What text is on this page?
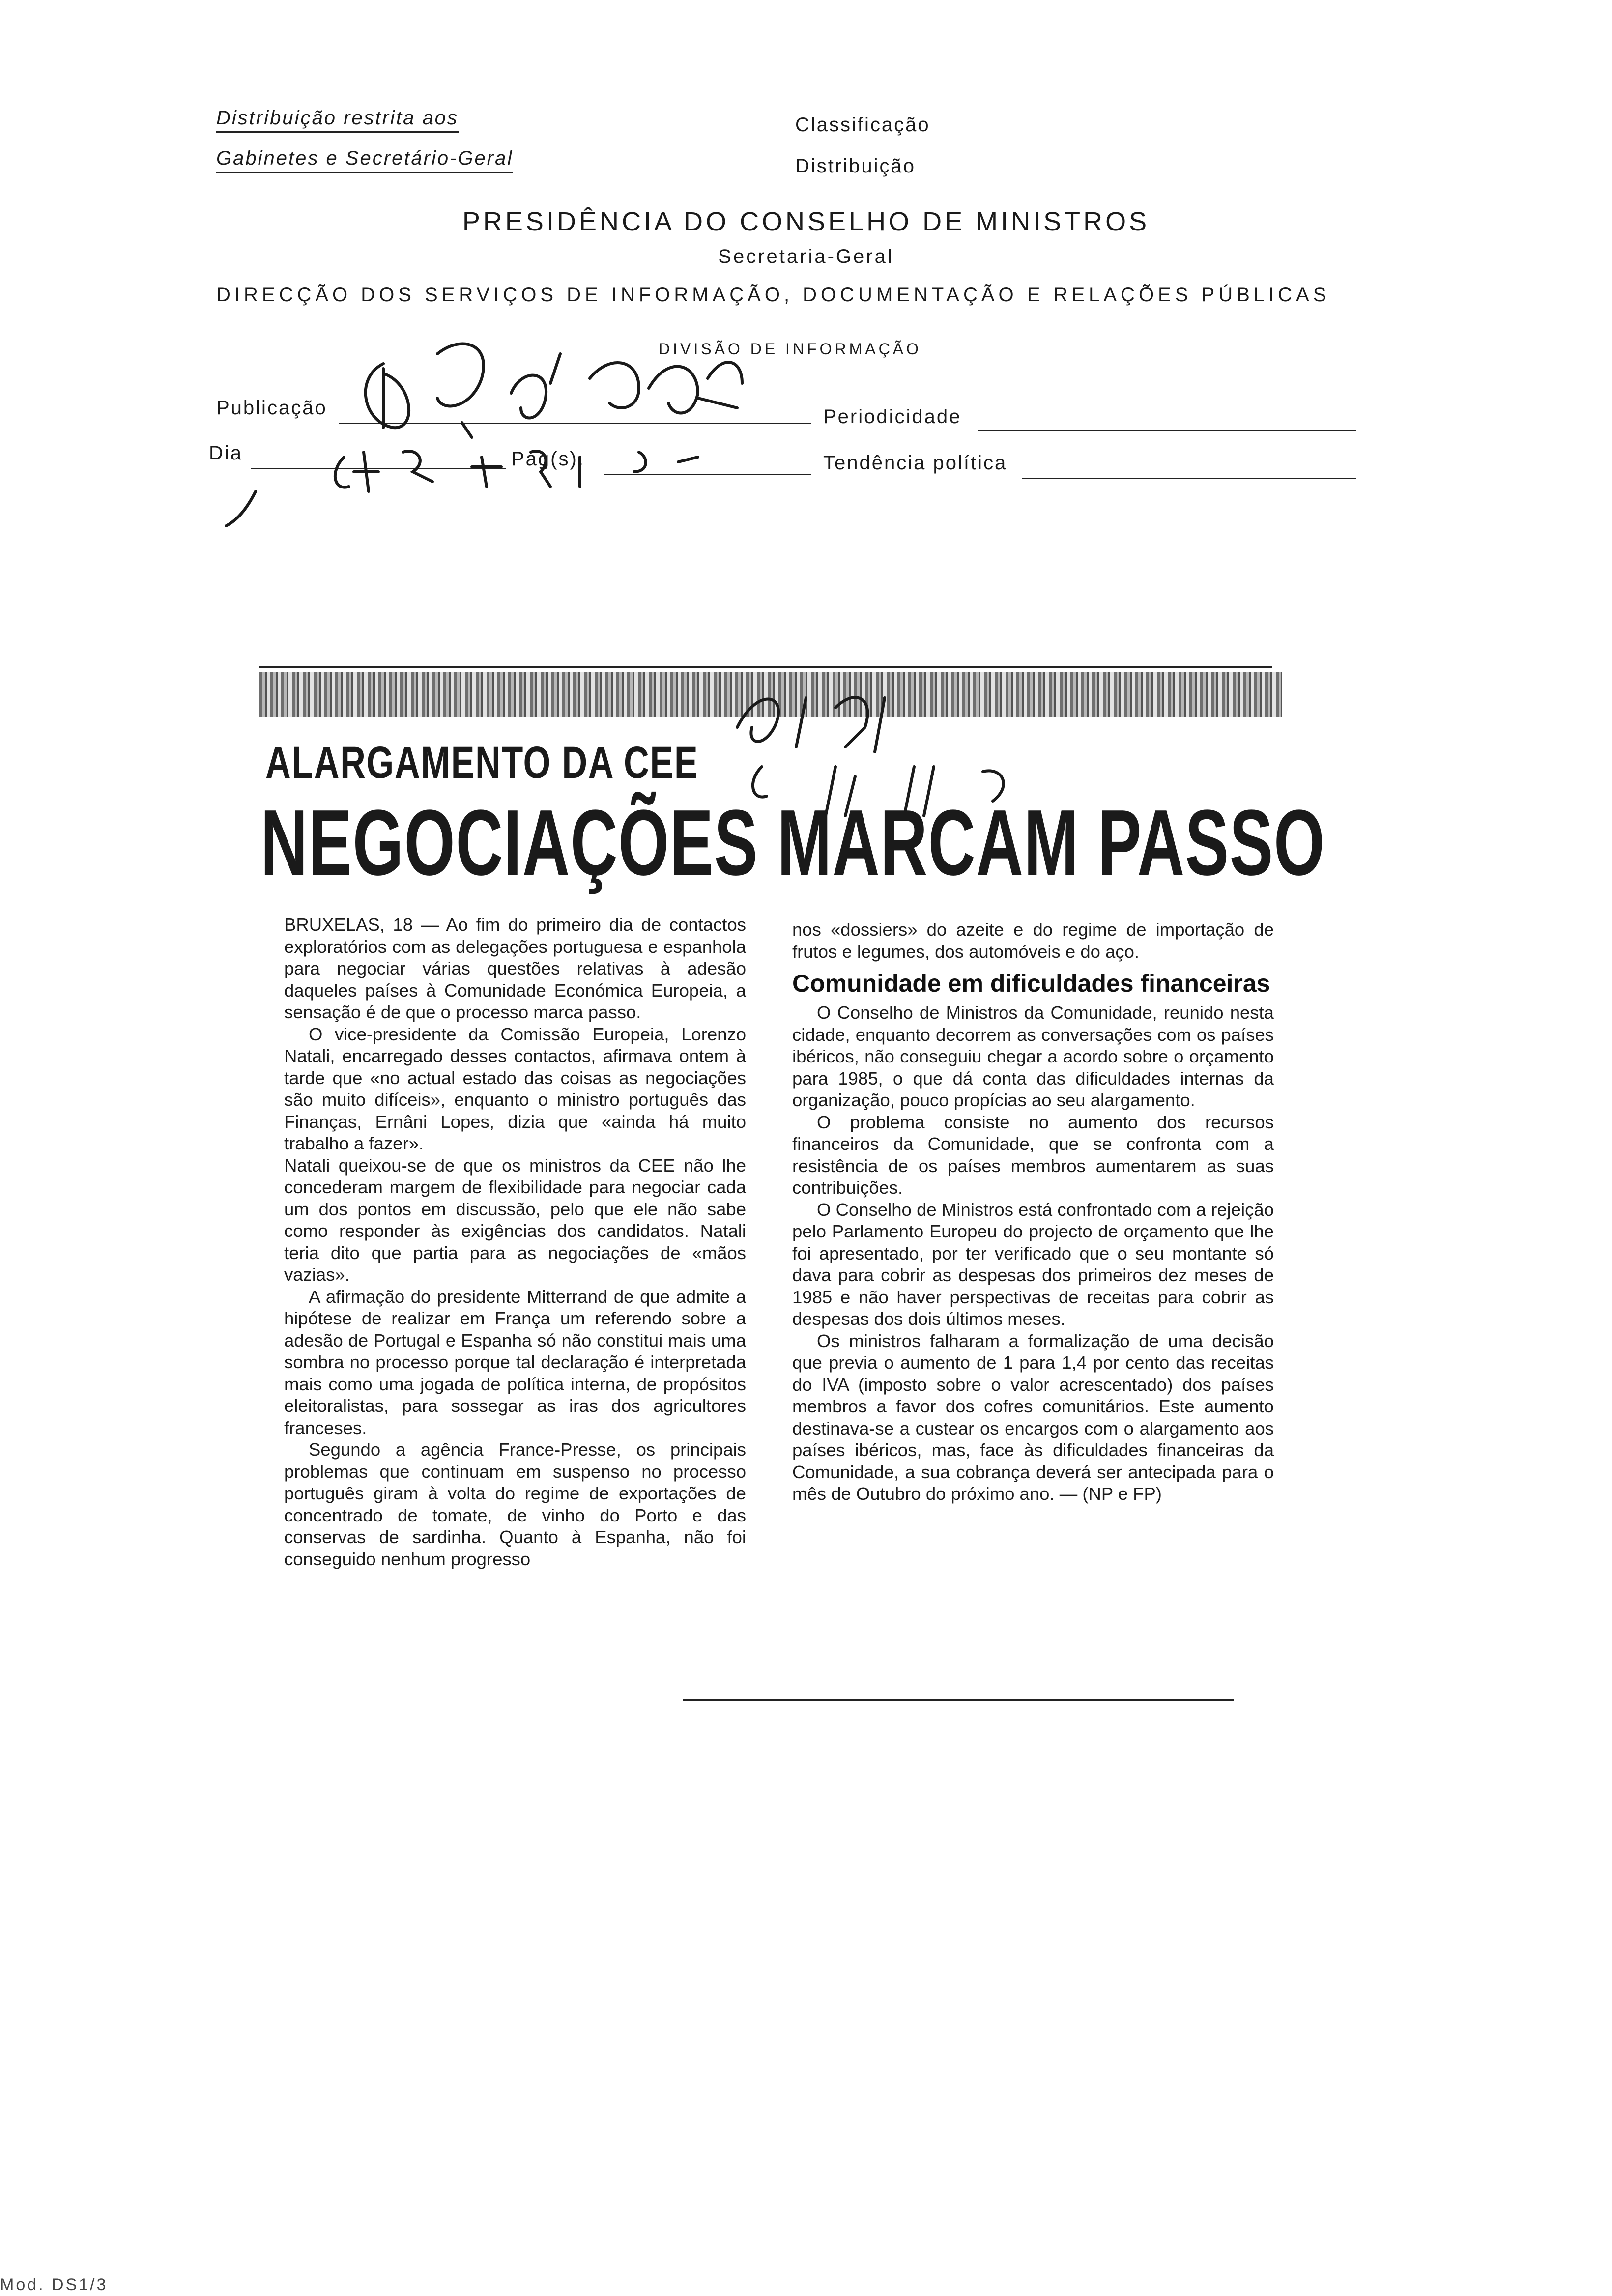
Distribuição restrita aos
Gabinetes e Secretário-Geral
Classificação
Distribuição
PRESIDÊNCIA DO CONSELHO DE MINISTROS
Secretaria-Geral
DIRECÇÃO DOS SERVIÇOS DE INFORMAÇÃO, DOCUMENTAÇÃO E RELAÇÕES PÚBLICAS
DIVISÃO DE INFORMAÇÃO
Publicação
Dia	Pág(s).
Periodicidade
Tendência política
ALARGAMENTO DA CEE
NEGOCIAÇÕES MARCAM PASSO

BRUXELAS, 18 — Ao fim do primeiro dia de contactos exploratórios com as delegações portuguesa e espanhola para negociar várias questões relativas à adesão daqueles países à Comunidade Económica Europeia, a sensação é de que o processo marca passo.

O vice-presidente da Comissão Europeia, Lorenzo Natali, encarregado desses contactos, afirmava ontem à tarde que «no actual estado das coisas as negociações são muito difíceis», enquanto o ministro português das Finanças, Ernâni Lopes, dizia que «ainda há muito trabalho a fazer».

Natali queixou-se de que os ministros da CEE não lhe concederam margem de flexibilidade para negociar cada um dos pontos em discussão, pelo que ele não sabe como responder às exigências dos candidatos. Natali teria dito que partia para as negociações de «mãos vazias».

A afirmação do presidente Mitterrand de que admite a hipótese de realizar em França um referendo sobre a adesão de Portugal e Espanha só não constitui mais uma sombra no processo porque tal declaração é interpretada mais como uma jogada de política interna, de propósitos eleitoralistas, para sossegar as iras dos agricultores franceses.

Segundo a agência France-Presse, os principais problemas que continuam em suspenso no processo português giram à volta do regime de exportações de concentrado de tomate, de vinho do Porto e das conservas de sardinha. Quanto à Espanha, não foi conseguido nenhum progresso

nos «dossiers» do azeite e do regime de importação de frutos e legumes, dos automóveis e do aço.

Comunidade em dificuldades financeiras

O Conselho de Ministros da Comunidade, reunido nesta cidade, enquanto decorrem as conversações com os países ibéricos, não conseguiu chegar a acordo sobre o orçamento para 1985, o que dá conta das dificuldades internas da organização, pouco propícias ao seu alargamento.

O problema consiste no aumento dos recursos financeiros da Comunidade, que se confronta com a resistência de os países membros aumentarem as suas contribuições.

O Conselho de Ministros está confrontado com a rejeição pelo Parlamento Europeu do projecto de orçamento que lhe foi apresentado, por ter verificado que o seu montante só dava para cobrir as despesas dos primeiros dez meses de 1985 e não haver perspectivas de receitas para cobrir as despesas dos dois últimos meses.

Os ministros falharam a formalização de uma decisão que previa o aumento de 1 para 1,4 por cento das receitas do IVA (imposto sobre o valor acrescentado) dos países membros a favor dos cofres comunitários. Este aumento destinava-se a custear os encargos com o alargamento aos países ibéricos, mas, face às dificuldades financeiras da Comunidade, a sua cobrança deverá ser antecipada para o mês de Outubro do próximo ano. — (NP e FP)

Mod. DS1/3
